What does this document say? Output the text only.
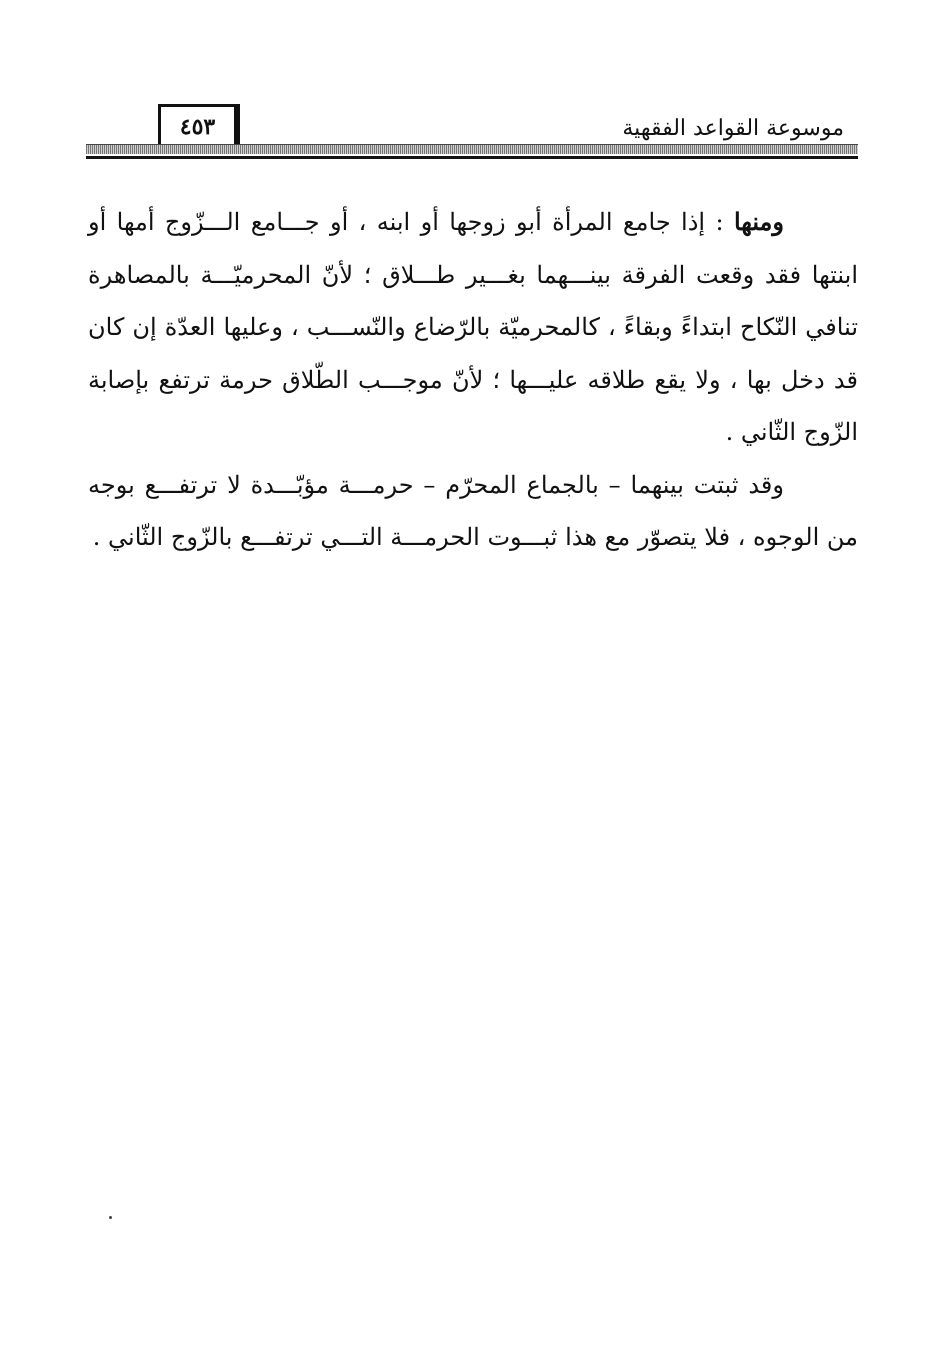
موسوعة القواعد الفقهية
٤٥٣

ومنها : إذا جامع المرأة أبو زوجها أو ابنه ، أو جـــامع الـــزّوج أمها أو ابنتها فقد وقعت الفرقة بينـــهما بغـــير طـــلاق ؛ لأنّ المحرميّـــة بالمصاهرة تنافي النّكاح ابتداءً وبقاءً ، كالمحرميّة بالرّضاع والنّســـب ، وعليها العدّة إن كان قد دخل بها ، ولا يقع طلاقه عليـــها ؛ لأنّ موجـــب الطّلاق حرمة ترتفع بإصابة الزّوج الثّاني .

وقد ثبتت بينهما – بالجماع المحرّم – حرمـــة مؤبّـــدة لا ترتفـــع بوجه من الوجوه ، فلا يتصوّر مع هذا ثبـــوت الحرمـــة التـــي ترتفـــع بالزّوج الثّاني .
